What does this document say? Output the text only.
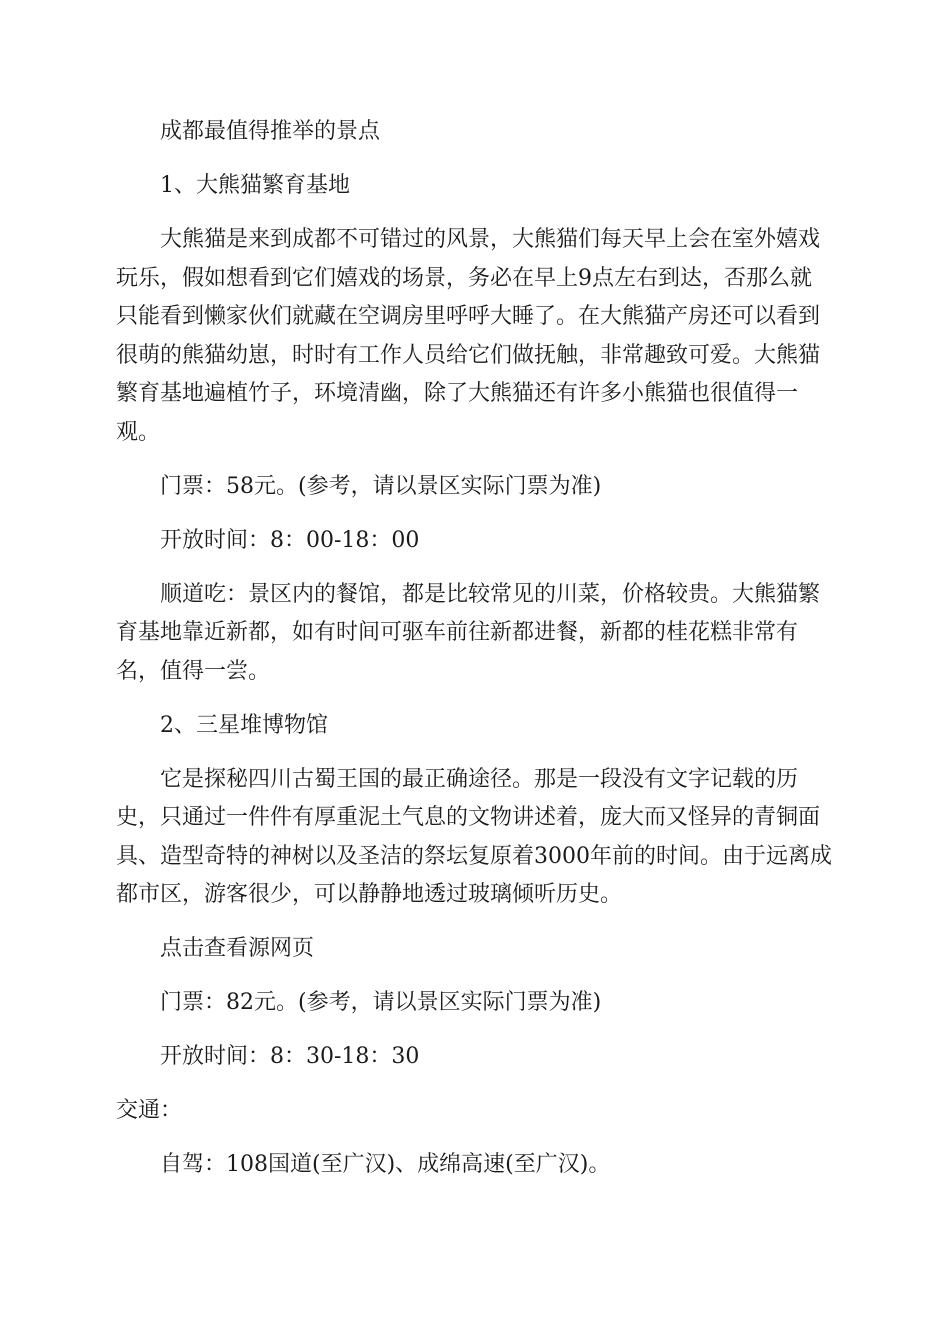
成都最值得推举的景点

1、大熊猫繁育基地

大熊猫是来到成都不可错过的风景，大熊猫们每天早上会在室外嬉戏玩乐，假如想看到它们嬉戏的场景，务必在早上9点左右到达，否那么就只能看到懒家伙们就藏在空调房里呼呼大睡了。在大熊猫产房还可以看到很萌的熊猫幼崽，时时有工作人员给它们做抚触，非常趣致可爱。大熊猫繁育基地遍植竹子，环境清幽，除了大熊猫还有许多小熊猫也很值得一观。

门票：58元。(参考，请以景区实际门票为准)

开放时间：8：00-18：00

顺道吃：景区内的餐馆，都是比较常见的川菜，价格较贵。大熊猫繁育基地靠近新都，如有时间可驱车前往新都进餐，新都的桂花糕非常有名，值得一尝。

2、三星堆博物馆

它是探秘四川古蜀王国的最正确途径。那是一段没有文字记载的历史，只通过一件件有厚重泥土气息的文物讲述着，庞大而又怪异的青铜面具、造型奇特的神树以及圣洁的祭坛复原着3000年前的时间。由于远离成都市区，游客很少，可以静静地透过玻璃倾听历史。

点击查看源网页

门票：82元。(参考，请以景区实际门票为准)

开放时间：8：30-18：30

交通：

自驾：108国道(至广汉)、成绵高速(至广汉)。
